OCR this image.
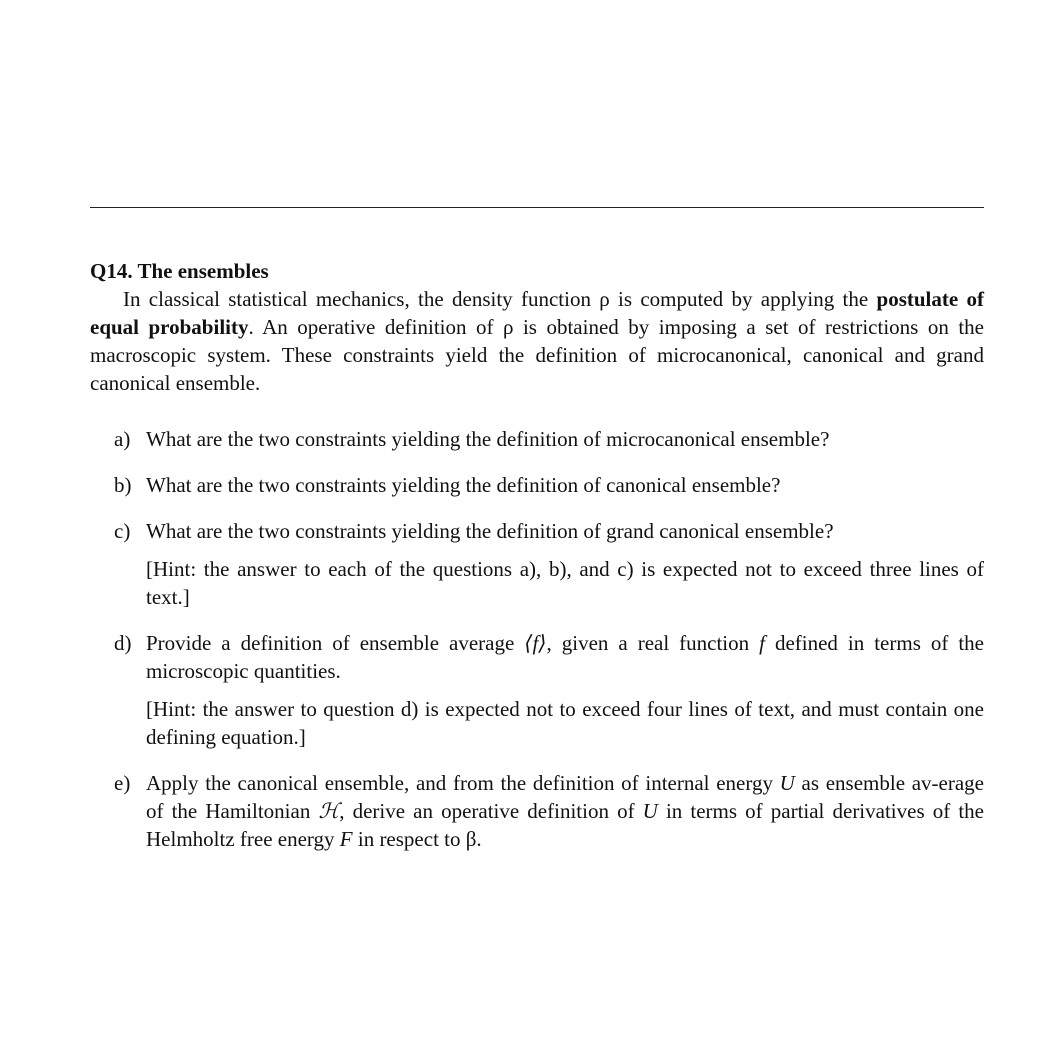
Q14. The ensembles

In classical statistical mechanics, the density function ρ is computed by applying the postulate of equal probability. An operative definition of ρ is obtained by imposing a set of restrictions on the macroscopic system. These constraints yield the definition of microcanonical, canonical and grand canonical ensemble.

a) What are the two constraints yielding the definition of microcanonical ensemble?

b) What are the two constraints yielding the definition of canonical ensemble?

c) What are the two constraints yielding the definition of grand canonical ensemble?

[Hint: the answer to each of the questions a), b), and c) is expected not to exceed three lines of text.]

d) Provide a definition of ensemble average ⟨f⟩, given a real function f defined in terms of the microscopic quantities.

[Hint: the answer to question d) is expected not to exceed four lines of text, and must contain one defining equation.]

e) Apply the canonical ensemble, and from the definition of internal energy U as ensemble av-erage of the Hamiltonian ℋ, derive an operative definition of U in terms of partial derivatives of the Helmholtz free energy F in respect to β.
